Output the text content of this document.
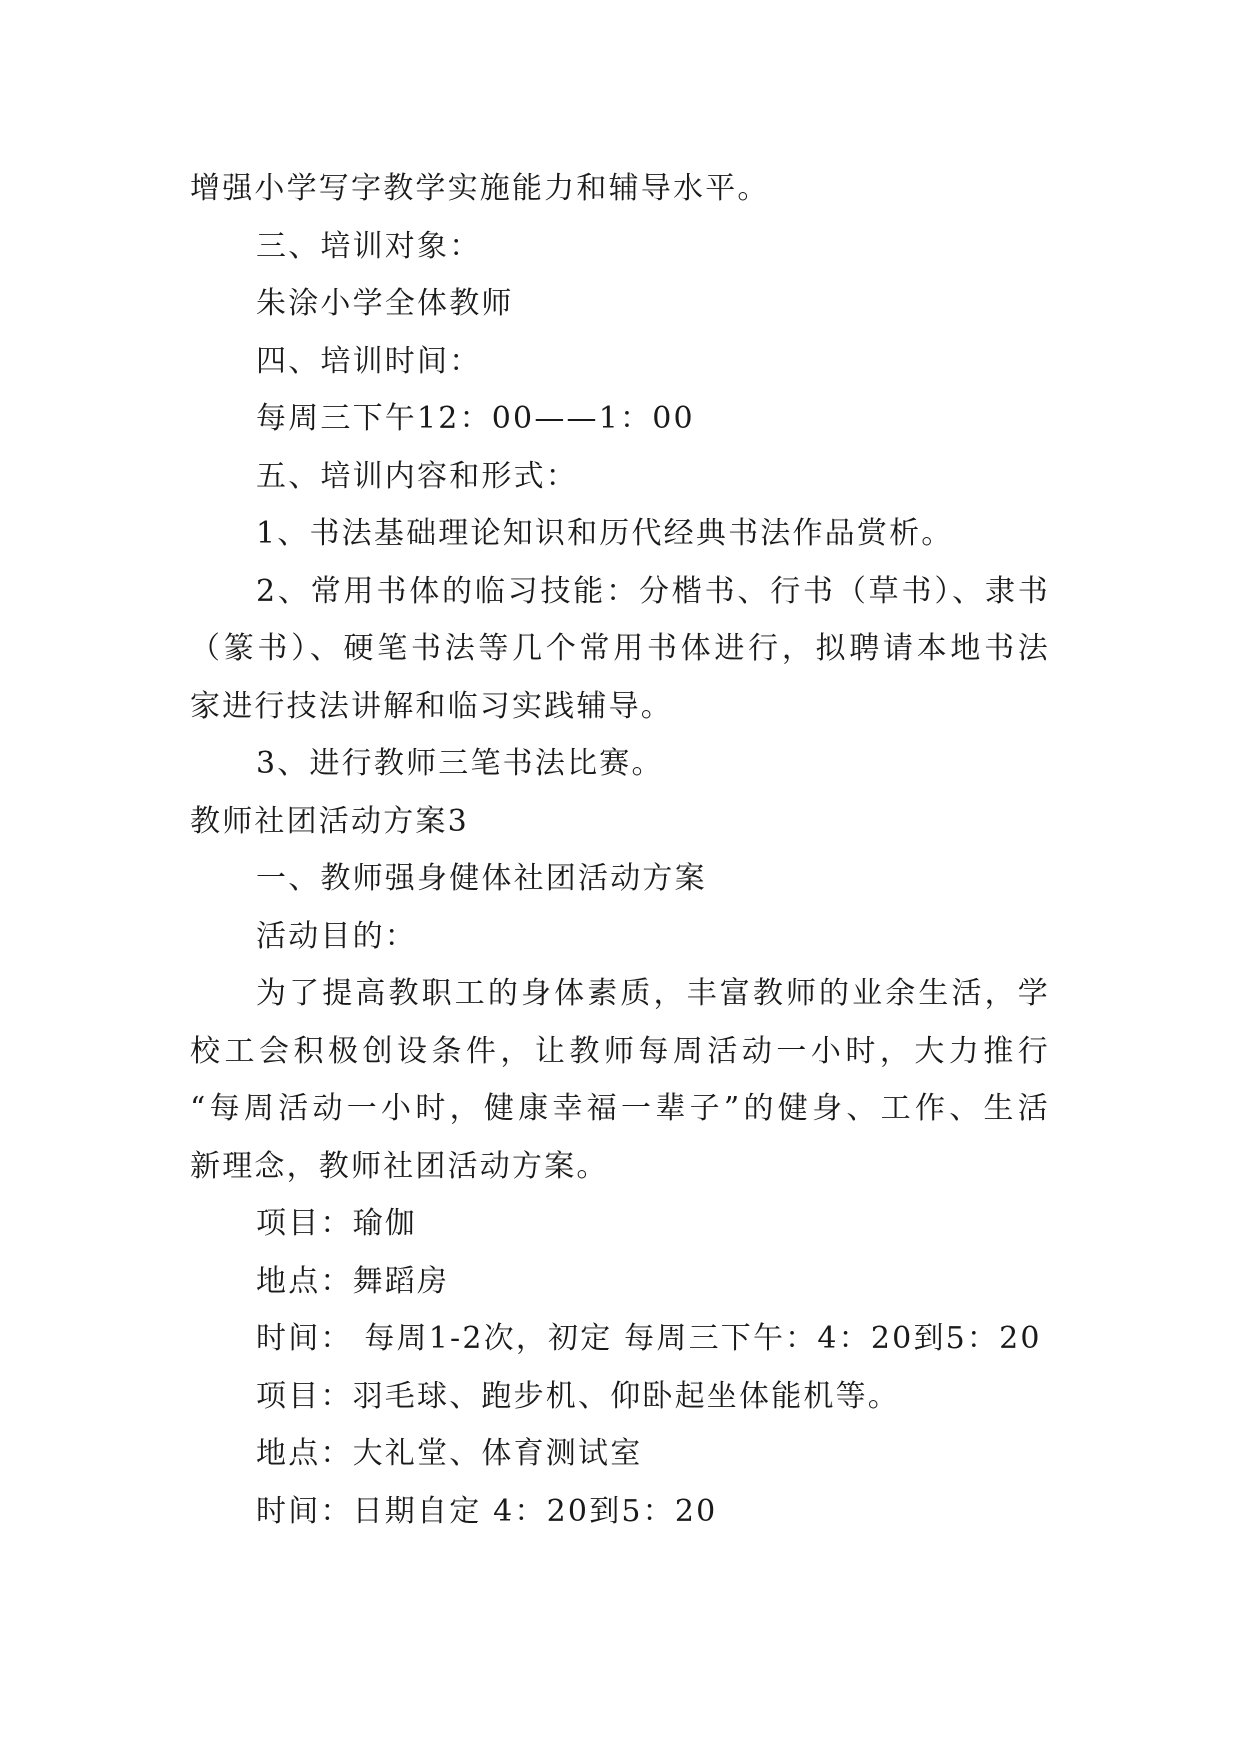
增强小学写字教学实施能力和辅导水平。

三、培训对象：

朱涂小学全体教师

四、培训时间：

每周三下午12：00——1：00

五、培训内容和形式：

1、书法基础理论知识和历代经典书法作品赏析。

2、常用书体的临习技能：分楷书、行书（草书）、隶书

（篆书）、硬笔书法等几个常用书体进行，拟聘请本地书法

家进行技法讲解和临习实践辅导。

3、进行教师三笔书法比赛。

教师社团活动方案3

一、教师强身健体社团活动方案

活动目的：

为了提高教职工的身体素质，丰富教师的业余生活，学

校工会积极创设条件，让教师每周活动一小时，大力推行

“每周活动一小时，健康幸福一辈子”的健身、工作、生活

新理念，教师社团活动方案。

项目：瑜伽

地点：舞蹈房

时间： 每周1-2次，初定 每周三下午：4：20到5：20

项目：羽毛球、跑步机、仰卧起坐体能机等。

地点：大礼堂、体育测试室

时间：日期自定 4：20到5：20
